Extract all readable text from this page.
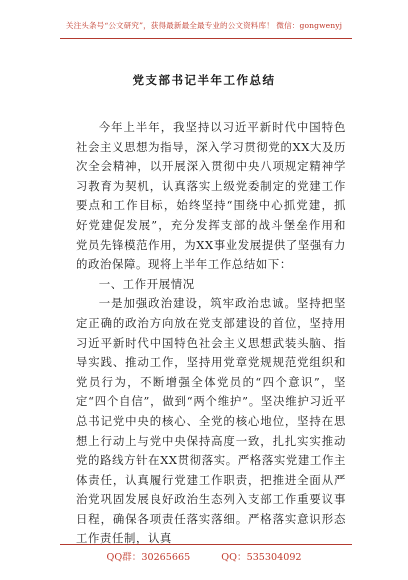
关注头条号“公文研究”，获得最新最全最专业的公文资料库！ 微信：gongwenyj
党支部书记半年工作总结

今年上半年，我坚持以习近平新时代中国特色社会主义思想为指导，深入学习贯彻党的XX大及历次全会精神，以开展深入贯彻中央八项规定精神学习教育为契机，认真落实上级党委制定的党建工作要点和工作目标，始终坚持“围绕中心抓党建，抓好党建促发展”，充分发挥支部的战斗堡垒作用和党员先锋模范作用，为XX事业发展提供了坚强有力的政治保障。现将上半年工作总结如下：

一、工作开展情况

一是加强政治建设，筑牢政治忠诚。坚持把坚定正确的政治方向放在党支部建设的首位，坚持用习近平新时代中国特色社会主义思想武装头脑、指导实践、推动工作，坚持用党章党规规范党组织和党员行为，不断增强全体党员的“四个意识”，坚定“四个自信”，做到“两个维护”。坚决维护习近平总书记党中央的核心、全党的核心地位，坚持在思想上行动上与党中央保持高度一致，扎扎实实推动党的路线方针在XX贯彻落实。严格落实党建工作主体责任，认真履行党建工作职责，把推进全面从严治党巩固发展良好政治生态列入支部工作重要议事日程，确保各项责任落实落细。严格落实意识形态工作责任制，认真

QQ群：30265665	QQ：535304092
